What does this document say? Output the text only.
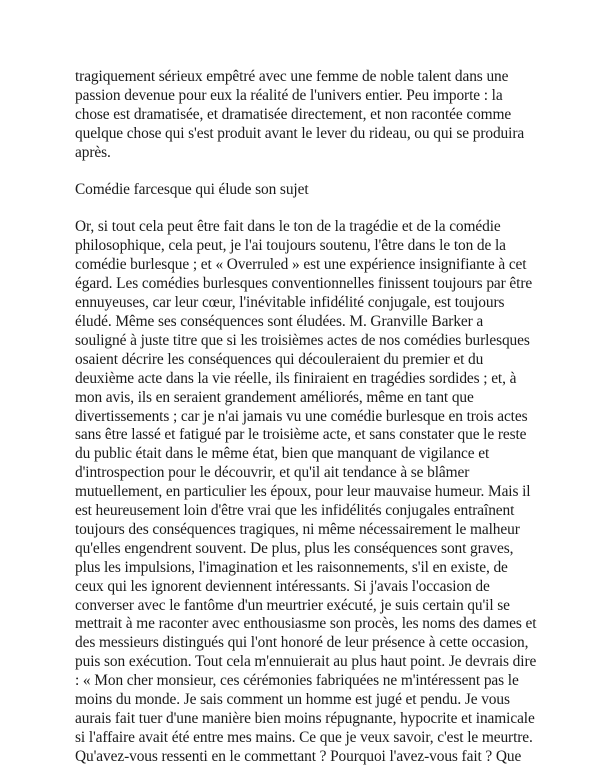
tragiquement sérieux empêtré avec une femme de noble talent dans une
passion devenue pour eux la réalité de l'univers entier. Peu importe : la
chose est dramatisée, et dramatisée directement, et non racontée comme
quelque chose qui s'est produit avant le lever du rideau, ou qui se produira
après.

Comédie farcesque qui élude son sujet

Or, si tout cela peut être fait dans le ton de la tragédie et de la comédie
philosophique, cela peut, je l'ai toujours soutenu, l'être dans le ton de la
comédie burlesque ; et « Overruled » est une expérience insignifiante à cet
égard. Les comédies burlesques conventionnelles finissent toujours par être
ennuyeuses, car leur cœur, l'inévitable infidélité conjugale, est toujours
éludé. Même ses conséquences sont éludées. M. Granville Barker a
souligné à juste titre que si les troisièmes actes de nos comédies burlesques
osaient décrire les conséquences qui découleraient du premier et du
deuxième acte dans la vie réelle, ils finiraient en tragédies sordides ; et, à
mon avis, ils en seraient grandement améliorés, même en tant que
divertissements ; car je n'ai jamais vu une comédie burlesque en trois actes
sans être lassé et fatigué par le troisième acte, et sans constater que le reste
du public était dans le même état, bien que manquant de vigilance et
d'introspection pour le découvrir, et qu'il ait tendance à se blâmer
mutuellement, en particulier les époux, pour leur mauvaise humeur. Mais il
est heureusement loin d'être vrai que les infidélités conjugales entraînent
toujours des conséquences tragiques, ni même nécessairement le malheur
qu'elles engendrent souvent. De plus, plus les conséquences sont graves,
plus les impulsions, l'imagination et les raisonnements, s'il en existe, de
ceux qui les ignorent deviennent intéressants. Si j'avais l'occasion de
converser avec le fantôme d'un meurtrier exécuté, je suis certain qu'il se
mettrait à me raconter avec enthousiasme son procès, les noms des dames et
des messieurs distingués qui l'ont honoré de leur présence à cette occasion,
puis son exécution. Tout cela m'ennuierait au plus haut point. Je devrais dire
: « Mon cher monsieur, ces cérémonies fabriquées ne m'intéressent pas le
moins du monde. Je sais comment un homme est jugé et pendu. Je vous
aurais fait tuer d'une manière bien moins répugnante, hypocrite et inamicale
si l'affaire avait été entre mes mains. Ce que je veux savoir, c'est le meurtre.
Qu'avez-vous ressenti en le commettant ? Pourquoi l'avez-vous fait ? Que
